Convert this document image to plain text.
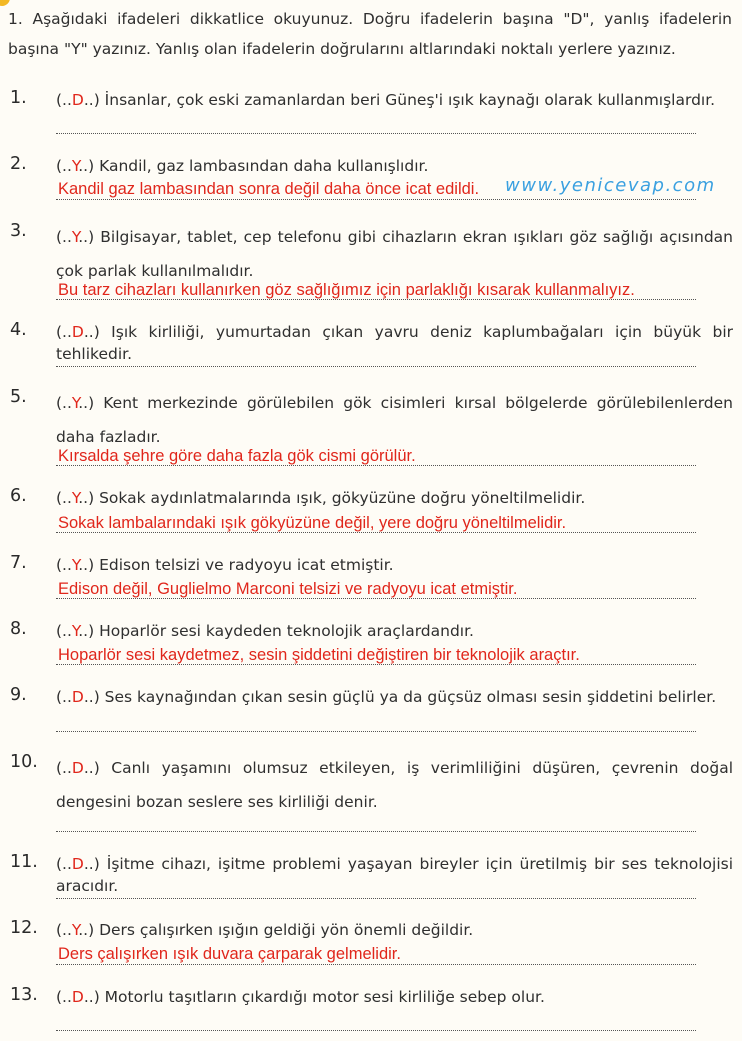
1. Aşağıdaki ifadeleri dikkatlice okuyunuz. Doğru ifadelerin başına "D", yanlış ifadelerin başına "Y" yazınız. Yanlış olan ifadelerin doğrularını altlarındaki noktalı yerlere yazınız.

www.yenicevap.com
1.	(..D..) İnsanlar, çok eski zamanlardan beri Güneş'i ışık kaynağı olarak kullanmışlardır.

2.	(..Y..) Kandil, gaz lambasından daha kullanışlıdır.

Kandil gaz lambasından sonra değil daha önce icat edildi.

3.	(..Y..) Bilgisayar, tablet, cep telefonu gibi cihazların ekran ışıkları göz sağlığı açısından çok parlak kullanılmalıdır.

Bu tarz cihazları kullanırken göz sağlığımız için parlaklığı kısarak kullanmalıyız.

4.	(..D..) Işık kirliliği, yumurtadan çıkan yavru deniz kaplumbağaları için büyük bir tehlikedir.

5.	(..Y..) Kent merkezinde görülebilen gök cisimleri kırsal bölgelerde görülebilenlerden daha fazladır.

Kırsalda şehre göre daha fazla gök cismi görülür.

6.	(..Y..) Sokak aydınlatmalarında ışık, gökyüzüne doğru yöneltilmelidir.

Sokak lambalarındaki ışık gökyüzüne değil, yere doğru yöneltilmelidir.

7.	(..Y..) Edison telsizi ve radyoyu icat etmiştir.

Edison değil, Guglielmo Marconi telsizi ve radyoyu icat etmiştir.

8.	(..Y..) Hoparlör sesi kaydeden teknolojik araçlardandır.

Hoparlör sesi kaydetmez, sesin şiddetini değiştiren bir teknolojik araçtır.

9.	(..D..) Ses kaynağından çıkan sesin güçlü ya da güçsüz olması sesin şiddetini belirler.

10.	(..D..) Canlı yaşamını olumsuz etkileyen, iş verimliliğini düşüren, çevrenin doğal dengesini bozan seslere ses kirliliği denir.

11.	(..D..) İşitme cihazı, işitme problemi yaşayan bireyler için üretilmiş bir ses teknolojisi aracıdır.

12.	(..Y..) Ders çalışırken ışığın geldiği yön önemli değildir.

Ders çalışırken ışık duvara çarparak gelmelidir.

13.	(..D..) Motorlu taşıtların çıkardığı motor sesi kirliliğe sebep olur.
